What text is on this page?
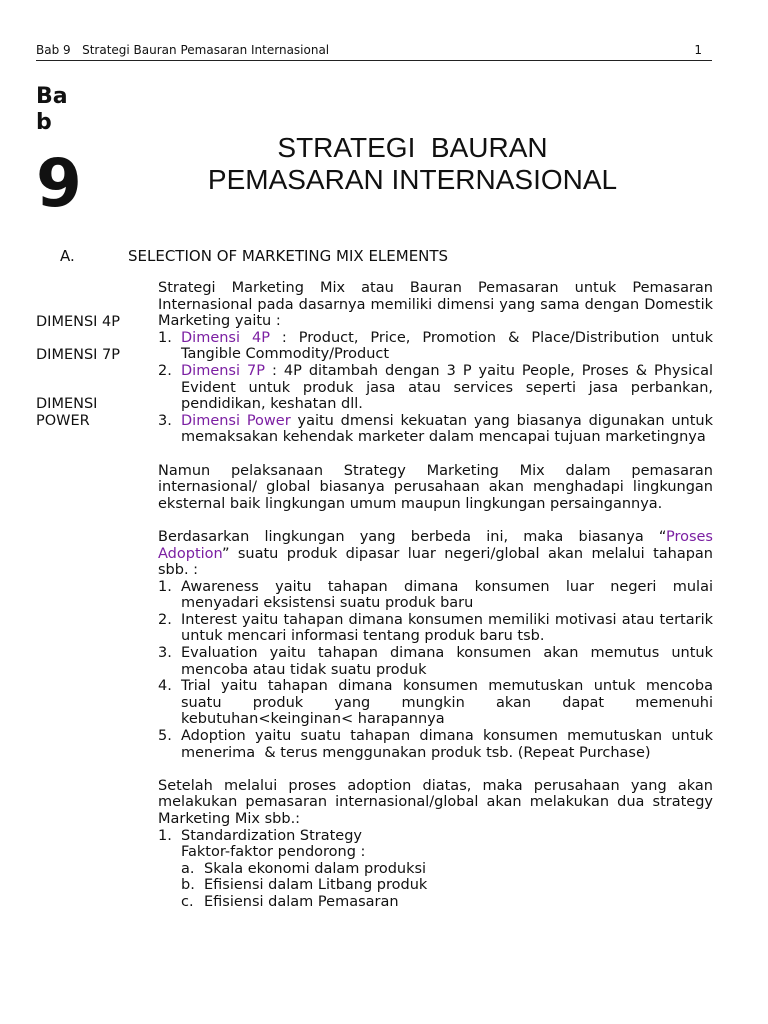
Bab 9   Strategi Bauran Pemasaran Internasional	1
Bab
9	STRATEGI  BAURAN
PEMASARAN INTERNASIONAL
A.	SELECTION OF MARKETING MIX ELEMENTS
DIMENSI 4P
DIMENSI 7P
DIMENSI
POWER

Strategi Marketing Mix atau Bauran Pemasaran untuk Pemasaran Internasional pada dasarnya memiliki dimensi yang sama dengan Domestik Marketing yaitu :

1. Dimensi 4P : Product, Price, Promotion & Place/Distribution untuk Tangible Commodity/Product
2. Dimensi 7P : 4P ditambah dengan 3 P yaitu People, Proses & Physical Evident untuk produk jasa atau services seperti jasa perbankan, pendidikan, keshatan dll.
3. Dimensi Power yaitu dmensi kekuatan yang biasanya digunakan untuk memaksakan kehendak marketer dalam mencapai tujuan marketingnya

Namun pelaksanaan Strategy Marketing Mix dalam pemasaran internasional/ global biasanya perusahaan akan menghadapi lingkungan eksternal baik lingkungan umum maupun lingkungan persaingannya.

Berdasarkan lingkungan yang berbeda ini, maka biasanya “Proses Adoption” suatu produk dipasar luar negeri/global akan melalui tahapan sbb. :

1. Awareness yaitu tahapan dimana konsumen luar negeri mulai menyadari eksistensi suatu produk baru
2. Interest yaitu tahapan dimana konsumen memiliki motivasi atau tertarik untuk mencari informasi tentang produk baru tsb.
3. Evaluation yaitu tahapan dimana konsumen akan memutus untuk mencoba atau tidak suatu produk
4. Trial yaitu tahapan dimana konsumen memutuskan untuk mencoba suatu produk yang mungkin akan dapat memenuhi kebutuhan<keinginan< harapannya
5. Adoption yaitu suatu tahapan dimana konsumen memutuskan untuk menerima  & terus menggunakan produk tsb. (Repeat Purchase)

Setelah melalui proses adoption diatas, maka perusahaan yang akan melakukan pemasaran internasional/global akan melakukan dua strategy Marketing Mix sbb.:

1. Standardization Strategy
Faktor-faktor pendorong :
a. Skala ekonomi dalam produksi
b. Efisiensi dalam Litbang produk
c. Efisiensi dalam Pemasaran
